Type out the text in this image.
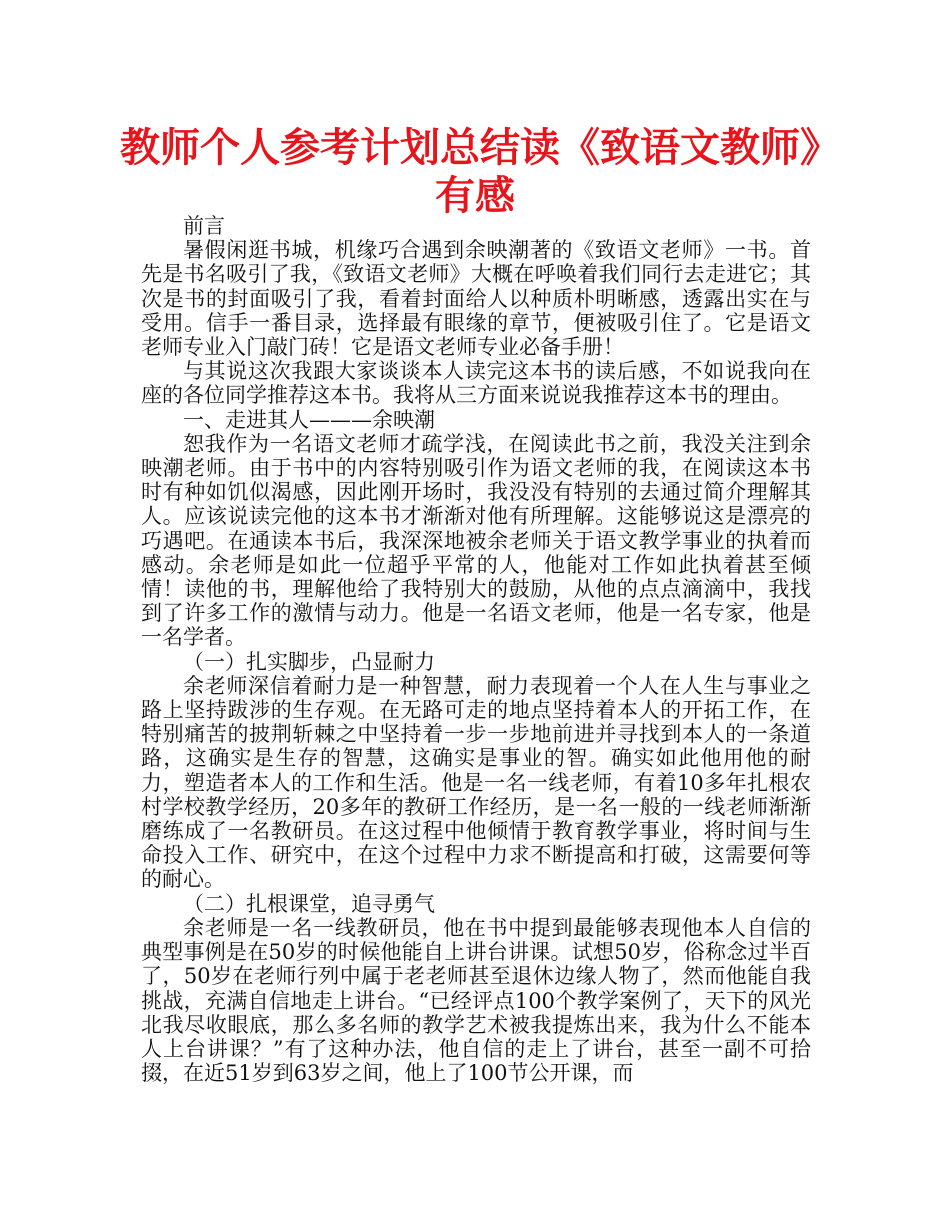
教师个人参考计划总结读《致语文教师》
有感

前言

暑假闲逛书城，机缘巧合遇到余映潮著的《致语文老师》一书。首先是书名吸引了我，《致语文老师》大概在呼唤着我们同行去走进它；其次是书的封面吸引了我，看着封面给人以种质朴明晰感，透露出实在与受用。信手一番目录，选择最有眼缘的章节，便被吸引住了。它是语文老师专业入门敲门砖！它是语文老师专业必备手册！

与其说这次我跟大家谈谈本人读完这本书的读后感，不如说我向在座的各位同学推荐这本书。我将从三方面来说说我推荐这本书的理由。

一、走进其人———余映潮

恕我作为一名语文老师才疏学浅，在阅读此书之前，我没关注到余映潮老师。由于书中的内容特别吸引作为语文老师的我，在阅读这本书时有种如饥似渴感，因此刚开场时，我没没有特别的去通过简介理解其人。应该说读完他的这本书才渐渐对他有所理解。这能够说这是漂亮的巧遇吧。在通读本书后，我深深地被余老师关于语文教学事业的执着而感动。余老师是如此一位超乎平常的人，他能对工作如此执着甚至倾情！读他的书，理解他给了我特别大的鼓励，从他的点点滴滴中，我找到了许多工作的激情与动力。他是一名语文老师，他是一名专家，他是一名学者。

（一）扎实脚步，凸显耐力

余老师深信着耐力是一种智慧，耐力表现着一个人在人生与事业之路上坚持跋涉的生存观。在无路可走的地点坚持着本人的开拓工作，在特别痛苦的披荆斩棘之中坚持着一步一步地前进并寻找到本人的一条道路，这确实是生存的智慧，这确实是事业的智。确实如此他用他的耐力，塑造者本人的工作和生活。他是一名一线老师，有着10多年扎根农村学校教学经历，20多年的教研工作经历，是一名一般的一线老师渐渐磨练成了一名教研员。在这过程中他倾情于教育教学事业，将时间与生命投入工作、研究中，在这个过程中力求不断提高和打破，这需要何等的耐心。

（二）扎根课堂，追寻勇气

余老师是一名一线教研员，他在书中提到最能够表现他本人自信的典型事例是在50岁的时候他能自上讲台讲课。试想50岁，俗称念过半百了，50岁在老师行列中属于老老师甚至退休边缘人物了，然而他能自我挑战，充满自信地走上讲台。“已经评点100个教学案例了，天下的风光北我尽收眼底，那么多名师的教学艺术被我提炼出来，我为什么不能本人上台讲课？”有了这种办法，他自信的走上了讲台，甚至一副不可拾掇，在近51岁到63岁之间，他上了100节公开课，而
